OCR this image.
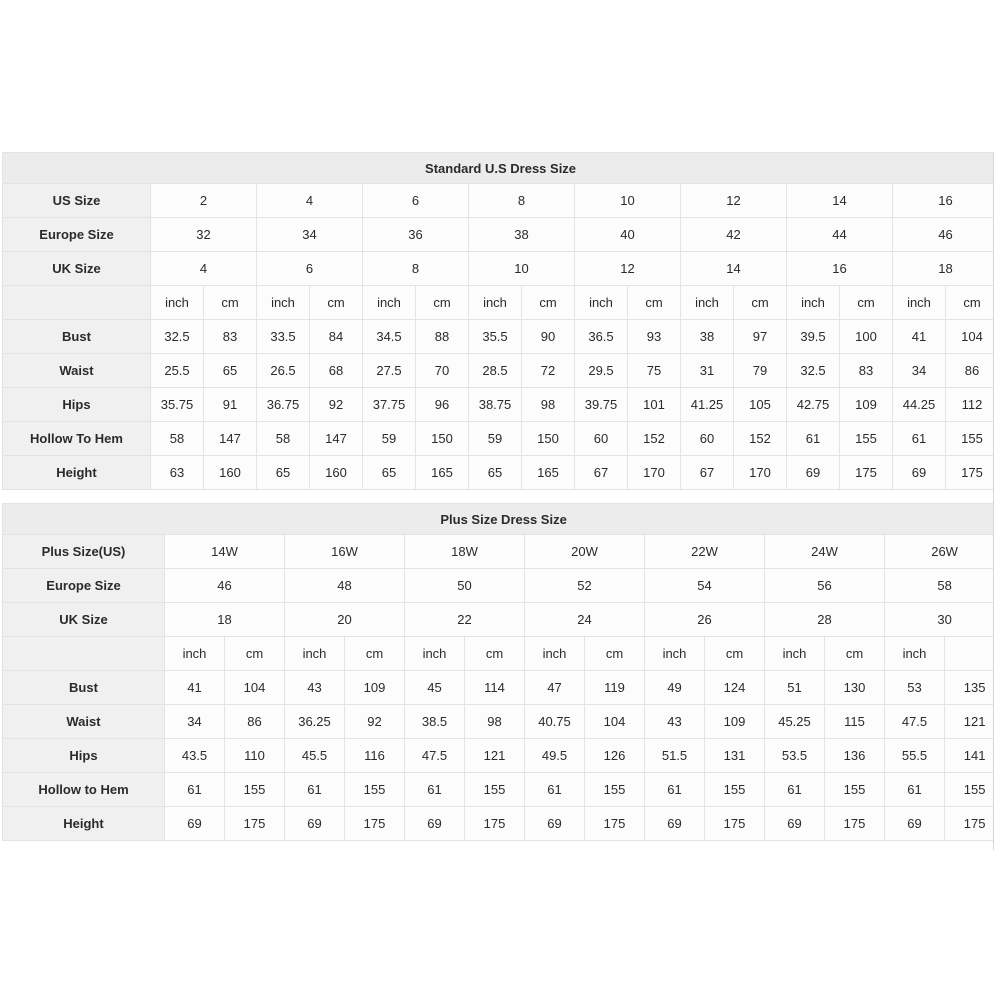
Standard U.S Dress Size																
US Size	2		4		6		8		10		12		14		16	
Europe Size	32		34		36		38		40		42		44		46	
UK Size	4		6		8		10		12		14		16		18	
	inch	cm	inch	cm	inch	cm	inch	cm	inch	cm	inch	cm	inch	cm	inch	cm
Bust	32.5	83	33.5	84	34.5	88	35.5	90	36.5	93	38	97	39.5	100	41	104
Waist	25.5	65	26.5	68	27.5	70	28.5	72	29.5	75	31	79	32.5	83	34	86
Hips	35.75	91	36.75	92	37.75	96	38.75	98	39.75	101	41.25	105	42.75	109	44.25	112
Hollow To Hem	58	147	58	147	59	150	59	150	60	152	60	152	61	155	61	155
Height	63	160	65	160	65	165	65	165	67	170	67	170	69	175	69	175
Plus Size Dress Size														
Plus Size(US)	14W		16W		18W		20W		22W		24W		26W	
Europe Size	46		48		50		52		54		56		58	
UK Size	18		20		22		24		26		28		30	
	inch	cm	inch	cm	inch	cm	inch	cm	inch	cm	inch	cm	inch	
Bust	41	104	43	109	45	114	47	119	49	124	51	130	53	135
Waist	34	86	36.25	92	38.5	98	40.75	104	43	109	45.25	115	47.5	121
Hips	43.5	110	45.5	116	47.5	121	49.5	126	51.5	131	53.5	136	55.5	141
Hollow to Hem	61	155	61	155	61	155	61	155	61	155	61	155	61	155
Height	69	175	69	175	69	175	69	175	69	175	69	175	69	175
